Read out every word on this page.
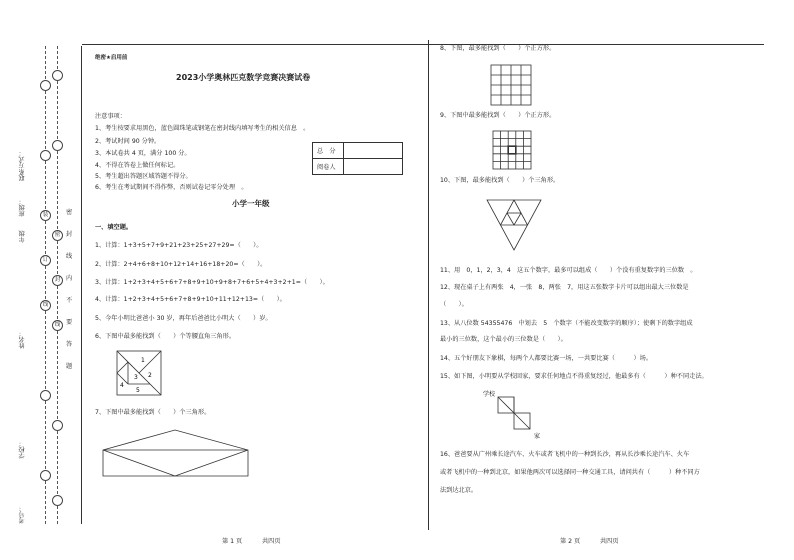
姓名：
学校：
考号：
班级：
年级
联系方式：
装
订
线
密
封
线
密
封
线
内
不
要
答
题
绝密★启用前
2023小学奥林匹克数学竞赛决赛试卷
注意事项：
1、考生按要求用黑色，蓝色圆珠笔或钢笔在密封线内填写考生的相关信息　。
2、考试时间 90 分钟。
3、本试卷共 4 页，满分 100 分。
4、不得在答卷上做任何标记。
5、考生超出答题区域答题不得分。
6、考生在考试期间不得作弊，否则试卷记零分处理　。
总　分	
阅卷人	
小学一年级
一、填空题。
1、计算：1+3+5+7+9+21+23+25+27+29=（　　）。
2、计算：2+4+6+8+10+12+14+16+18+20=（　　）。
3、计算：1+2+3+4+5+6+7+8+9+10+9+8+7+6+5+4+3+2+1=（　　）。
4、计算：1+2+3+4+5+6+7+8+9+10+11+12+13=（　　）。
5、今年小明比爸爸小 30 岁，再年后爸爸比小明大（　　）岁。
6、下图中最多能找到（　　）个等腰直角三角形。
1
2
3
4
5
7、下图中最多能找到（　　）个三角形。
第 1 页	共四页
8、下图，最多能找到（　　）个正方形。
9、下图中最多能找到（　　）个正方形。
10、下图，最多能找到（　　）个三角形。
11、用　0，1，2，3，4　这五个数字，最多可以组成（　　）个没有重复数字的三位数　。
12、现在桌子上有两张　4，一张　8，两张　7，用这五张数字卡片可以组出最大三位数是
（　　）。
13、从八位数 54355476　中划去　5　个数字（不能改变数字的顺序）；使剩下的数字组成
最小的三位数，这个最小的三位数是（　　）。
14、五个好朋友下象棋，每两个人都要比赛一场，一共要比赛（　　　）场。
15、如下图，小明要从学校回家，要求任何地点不得重复经过，他最多有（　　　）种不同走法。
学校
家
16、爸爸要从广州乘长途汽车、火车或者飞机中的一种到长沙，再从长沙乘长途汽车、火车
或者飞机中的一种到北京，如果他两次可以选择同一种交通工具，请问共有（　　　）种不同方
法到达北京。
第 2 页	共四页
